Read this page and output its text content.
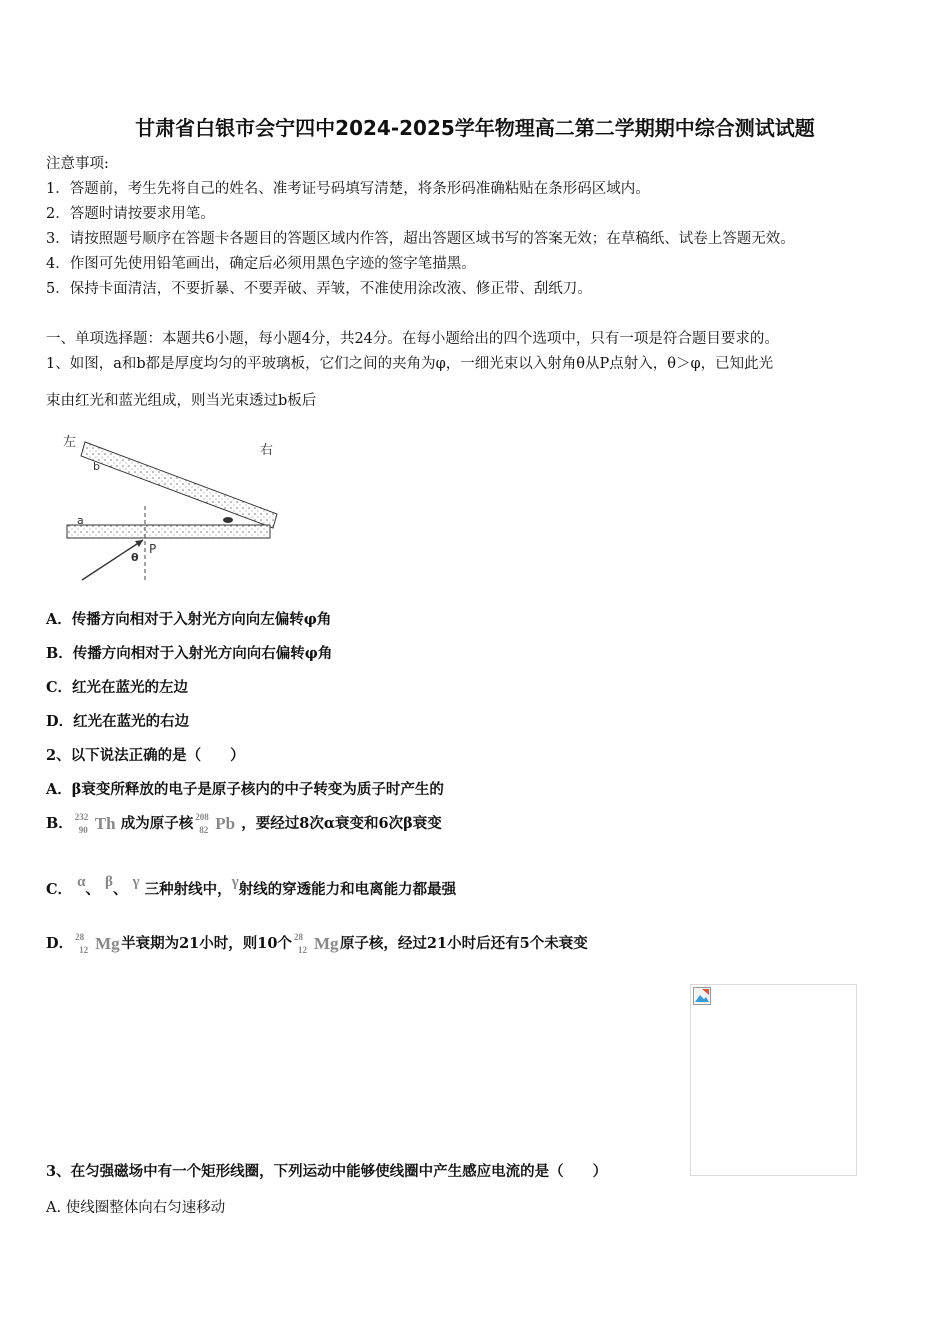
甘肃省白银市会宁四中2024-2025学年物理高二第二学期期中综合测试试题
注意事项:
1．答题前，考生先将自己的姓名、准考证号码填写清楚，将条形码准确粘贴在条形码区域内。
2．答题时请按要求用笔。
3．请按照题号顺序在答题卡各题目的答题区域内作答，超出答题区域书写的答案无效；在草稿纸、试卷上答题无效。
4．作图可先使用铅笔画出，确定后必须用黑色字迹的签字笔描黑。
5．保持卡面清洁，不要折暴、不要弄破、弄皱，不准使用涂改液、修正带、刮纸刀。
一、单项选择题：本题共6小题，每小题4分，共24分。在每小题给出的四个选项中，只有一项是符合题目要求的。
1、如图，a和b都是厚度均匀的平玻璃板，它们之间的夹角为φ，一细光束以入射角θ从P点射入，θ＞φ，已知此光
束由红光和蓝光组成，则当光束透过b板后
左
右
b
a
P
θ
A．传播方向相对于入射光方向向左偏转φ角
B．传播方向相对于入射光方向向右偏转φ角
C．红光在蓝光的左边
D．红光在蓝光的右边
2、以下说法正确的是（　　）
A．β衰变所释放的电子是原子核内的中子转变为质子时产生的
B． 232
90 Th 成为原子核 208
82 Pb ，要经过8次α衰变和6次β衰变
C． α、 β、 γ 三种射线中，γ射线的穿透能力和电离能力都最强
D． 28
12 Mg 半衰期为21小时，则10个 28
12 Mg 原子核，经过21小时后还有5个未衰变
3、在匀强磁场中有一个矩形线圈，下列运动中能够使线圈中产生感应电流的是（　　）
A. 使线圈整体向右匀速移动
